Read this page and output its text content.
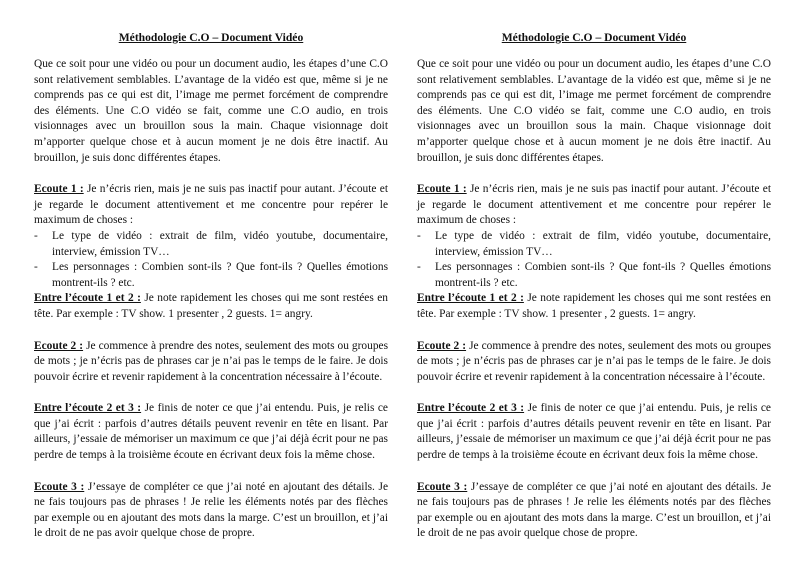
Méthodologie C.O – Document Vidéo

Que ce soit pour une vidéo ou pour un document audio, les étapes d’une C.O sont relativement semblables. L’avantage de la vidéo est que, même si je ne comprends pas ce qui est dit, l’image me permet forcément de comprendre des éléments. Une C.O vidéo se fait, comme une C.O audio, en trois visionnages avec un brouillon sous la main. Chaque visionnage doit m’apporter quelque chose et à aucun moment je ne dois être inactif. Au brouillon, je suis donc différentes étapes.

Ecoute 1 : Je n’écris rien, mais je ne suis pas inactif pour autant. J’écoute et je regarde le document attentivement et me concentre pour repérer le maximum de choses :

- Le type de vidéo : extrait de film, vidéo youtube, documentaire, interview, émission TV…
- Les personnages : Combien sont-ils ? Que font-ils ? Quelles émotions montrent-ils ? etc.

Entre l’écoute 1 et 2 : Je note rapidement les choses qui me sont restées en tête. Par exemple : TV show. 1 presenter , 2 guests. 1= angry.

Ecoute 2 : Je commence à prendre des notes, seulement des mots ou groupes de mots ; je n’écris pas de phrases car je n’ai pas le temps de le faire. Je dois pouvoir écrire et revenir rapidement à la concentration nécessaire à l’écoute.

Entre l’écoute 2 et 3 : Je finis de noter ce que j’ai entendu. Puis, je relis ce que j’ai écrit : parfois d’autres détails peuvent revenir en tête en lisant. Par ailleurs, j’essaie de mémoriser un maximum ce que j’ai déjà écrit pour ne pas perdre de temps à la troisième écoute en écrivant deux fois la même chose.

Ecoute 3 : J’essaye de compléter ce que j’ai noté en ajoutant des détails. Je ne fais toujours pas de phrases ! Je relie les éléments notés par des flèches par exemple ou en ajoutant des mots dans la marge. C’est un brouillon, et j’ai le droit de ne pas avoir quelque chose de propre.

Méthodologie C.O – Document Vidéo

Que ce soit pour une vidéo ou pour un document audio, les étapes d’une C.O sont relativement semblables. L’avantage de la vidéo est que, même si je ne comprends pas ce qui est dit, l’image me permet forcément de comprendre des éléments. Une C.O vidéo se fait, comme une C.O audio, en trois visionnages avec un brouillon sous la main. Chaque visionnage doit m’apporter quelque chose et à aucun moment je ne dois être inactif. Au brouillon, je suis donc différentes étapes.

Ecoute 1 : Je n’écris rien, mais je ne suis pas inactif pour autant. J’écoute et je regarde le document attentivement et me concentre pour repérer le maximum de choses :

- Le type de vidéo : extrait de film, vidéo youtube, documentaire, interview, émission TV…
- Les personnages : Combien sont-ils ? Que font-ils ? Quelles émotions montrent-ils ? etc.

Entre l’écoute 1 et 2 : Je note rapidement les choses qui me sont restées en tête. Par exemple : TV show. 1 presenter , 2 guests. 1= angry.

Ecoute 2 : Je commence à prendre des notes, seulement des mots ou groupes de mots ; je n’écris pas de phrases car je n’ai pas le temps de le faire. Je dois pouvoir écrire et revenir rapidement à la concentration nécessaire à l’écoute.

Entre l’écoute 2 et 3 : Je finis de noter ce que j’ai entendu. Puis, je relis ce que j’ai écrit : parfois d’autres détails peuvent revenir en tête en lisant. Par ailleurs, j’essaie de mémoriser un maximum ce que j’ai déjà écrit pour ne pas perdre de temps à la troisième écoute en écrivant deux fois la même chose.

Ecoute 3 : J’essaye de compléter ce que j’ai noté en ajoutant des détails. Je ne fais toujours pas de phrases ! Je relie les éléments notés par des flèches par exemple ou en ajoutant des mots dans la marge. C’est un brouillon, et j’ai le droit de ne pas avoir quelque chose de propre.
